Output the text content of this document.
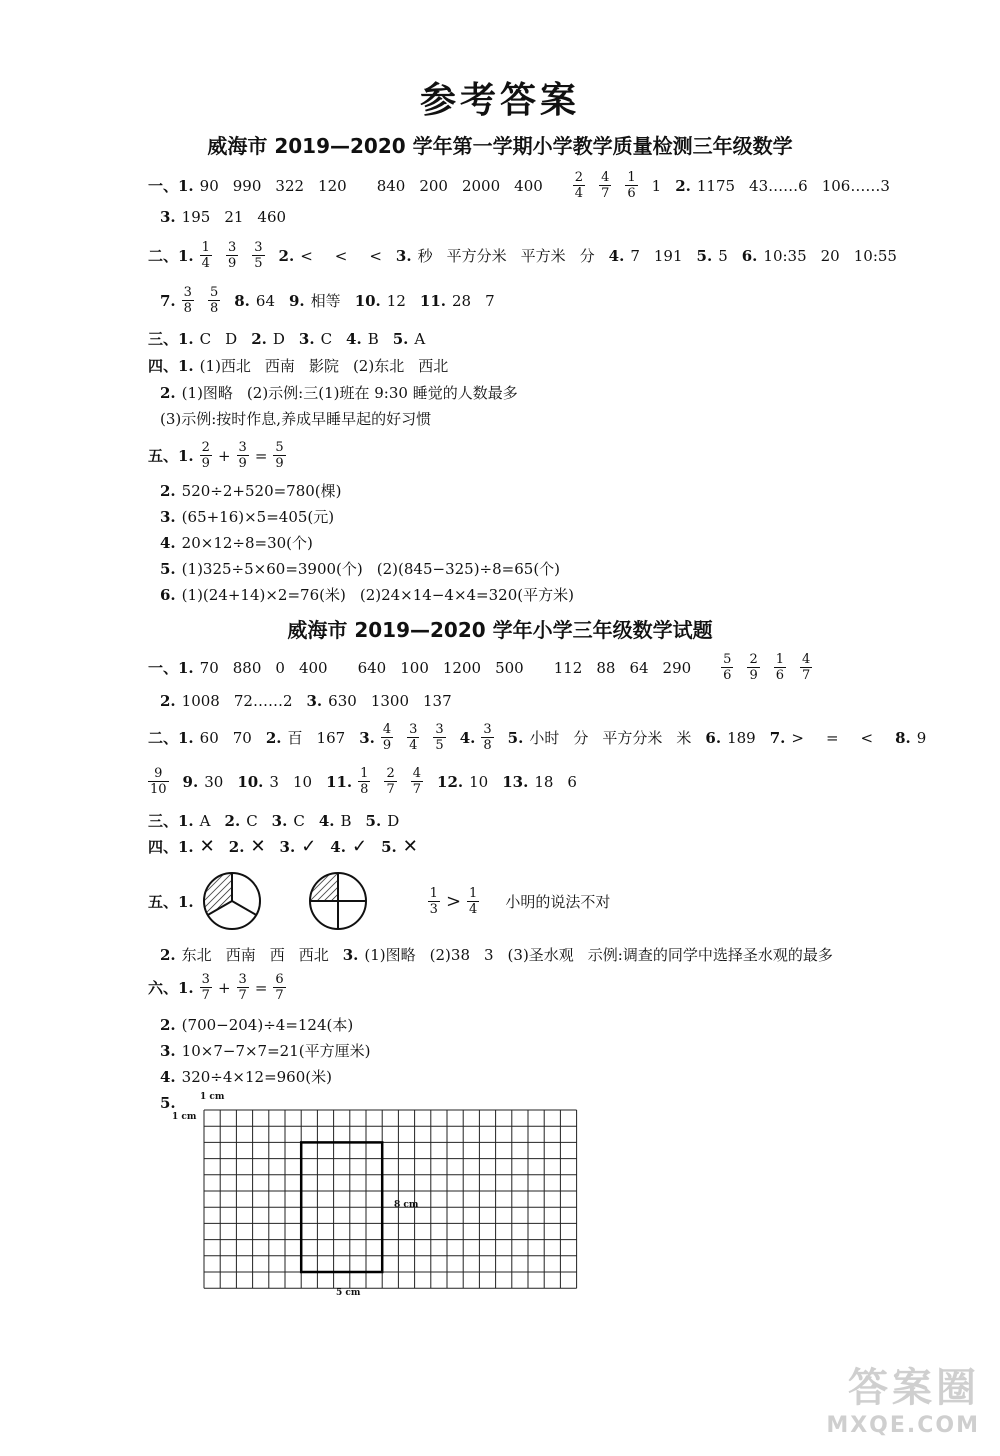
参考答案
威海市 2019—2020 学年第一学期小学教学质量检测三年级数学
一、1. 90 990 322 120 840 200 2000 $400 \frac{2}{4} \frac{4}{7} \frac{1}{6} 1$ 2. 1175 43……6 106……3
3. 195 21 460
二、1. $\frac{1}{4} \frac{3}{9} \frac{3}{5} 2$. < < < 3. 秒 平方分米 平方米 分 4. 7 191 5. 5 6. 10:35 20 10:55
7. $\frac{3}{8} \frac{5}{8} 8$. 64 9. 相等 10. 12 11. 28 7
三、1. C D 2. D 3. C 4. B 5. A
四、1. (1)西北 西南 影院 (2)东北 西北
2. (1)图略 (2)示例:三(1)班在 9:30 睡觉的人数最多
(3)示例:按时作息,养成早睡早起的好习惯
五、1. $\frac{2}{9} + \frac{3}{9} = \frac{5}{9}$
2. 520÷2+520=780(棵)
3. (65+16)×5=405(元)
4. 20×12÷8=30(个)
5. (1)325÷5×60=3900(个) (2)(845−325)÷8=65(个)
6. (1)(24+14)×2=76(米) (2)24×14−4×4=320(平方米)
威海市 2019—2020 学年小学三年级数学试题
一、1. 70 880 0 400 640 100 1200 500 112 88 64 $290 \frac{5}{6} \frac{2}{9} \frac{1}{6} \frac{4}{7}$
2. 1008 72……2 3. 630 1300 137
二、1. 60 70 2. 百 167 3. $\frac{4}{9} \frac{3}{4} \frac{3}{5} 4$. $\frac{3}{8} 5$. 小时 分 平方分米 米 6. 189 7. > = < 8. 9
$\frac{9}{10} 9$. 30 10. 3 10 11. $\frac{1}{8} \frac{2}{7} \frac{4}{7} 12$. 10 13. 18 6
三、1. A 2. C 3. C 4. B 5. D
四、1. ✕ 2. ✕ 3. ✓ 4. ✓ 5. ✕
五、1.	$\frac{1}{3} > \frac{1}{4}$ 小明的说法不对
2. 东北 西南 西 西北 3. (1)图略 (2)38 3 (3)圣水观 示例:调查的同学中选择圣水观的最多
六、1. $\frac{3}{7} + \frac{3}{7} = \frac{6}{7}$
2. (700−204)÷4=124(本)
3. 10×7−7×7=21(平方厘米)
4. 320÷4×12=960(米)
5.	1 cm
1 cm
8 cm
5 cm
答案圈
MXQE.COM
